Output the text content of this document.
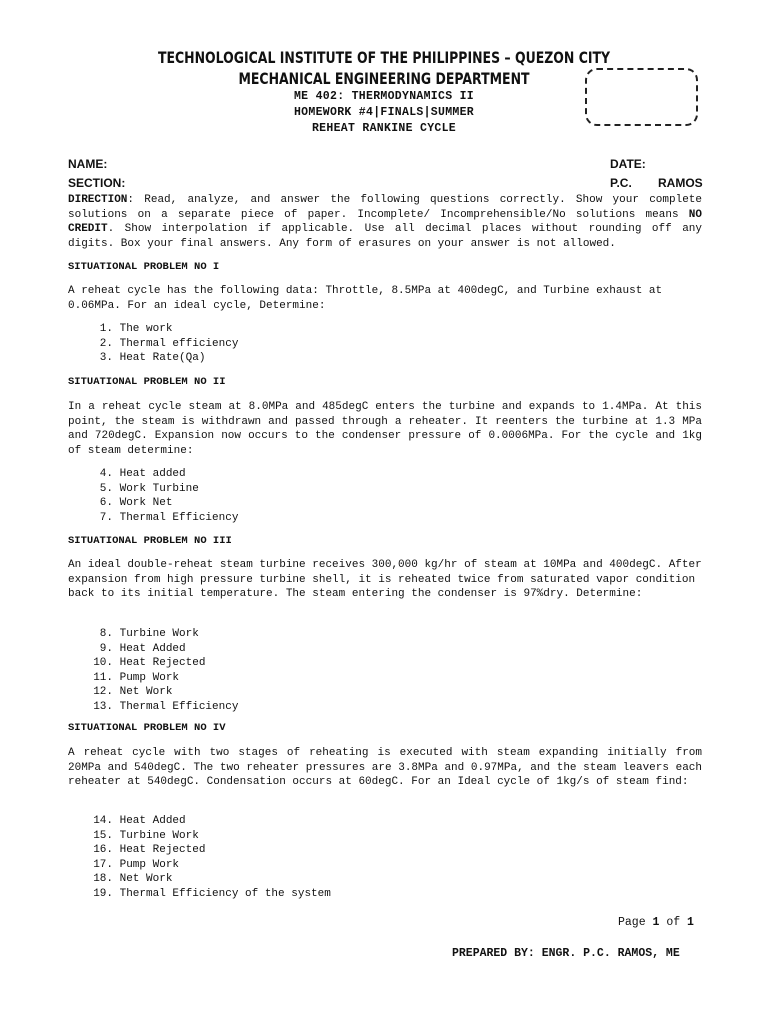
TECHNOLOGICAL INSTITUTE OF THE PHILIPPINES – QUEZON CITY
MECHANICAL ENGINEERING DEPARTMENT
ME 402: THERMODYNAMICS II
HOMEWORK #4|FINALS|SUMMER
REHEAT RANKINE CYCLE
NAME:
SECTION:
DATE:
P.C. RAMOS
DIRECTION: Read, analyze, and answer the following questions correctly. Show your complete solutions on a separate piece of paper. Incomplete/ Incomprehensible/No solutions means NO CREDIT. Show interpolation if applicable. Use all decimal places without rounding off any digits. Box your final answers. Any form of erasures on your answer is not allowed.
SITUATIONAL PROBLEM NO I
A reheat cycle has the following data: Throttle, 8.5MPa at 400degC, and Turbine exhaust at 0.06MPa. For an ideal cycle, Determine:
1.
The work
2.
Thermal efficiency
3.
Heat Rate(Qa)
SITUATIONAL PROBLEM NO II
In a reheat cycle steam at 8.0MPa and 485degC enters the turbine and expands to 1.4MPa. At this point, the steam is withdrawn and passed through a reheater. It reenters the turbine at 1.3 MPa and 720degC. Expansion now occurs to the condenser pressure of 0.0006MPa. For the cycle and 1kg of steam determine:
4.
Heat added
5.
Work Turbine
6.
Work Net
7.
Thermal Efficiency
SITUATIONAL PROBLEM NO III
An ideal double-reheat steam turbine receives 300,000 kg/hr of steam at 10MPa and 400degC. After expansion from high pressure turbine shell, it is reheated twice from saturated vapor condition back to its initial temperature. The steam entering the condenser is 97%dry. Determine:
8.
Turbine Work
9.
Heat Added
10.
Heat Rejected
11.
Pump Work
12.
Net Work
13.
Thermal Efficiency
SITUATIONAL PROBLEM NO IV
A reheat cycle with two stages of reheating is executed with steam expanding initially from 20MPa and 540degC. The two reheater pressures are 3.8MPa and 0.97MPa, and the steam leavers each reheater at 540degC. Condensation occurs at 60degC. For an Ideal cycle of 1kg/s of steam find:
14.
Heat Added
15.
Turbine Work
16.
Heat Rejected
17.
Pump Work
18.
Net Work
19.
Thermal Efficiency of the system
Page 1 of 1
PREPARED BY: ENGR. P.C. RAMOS, ME
